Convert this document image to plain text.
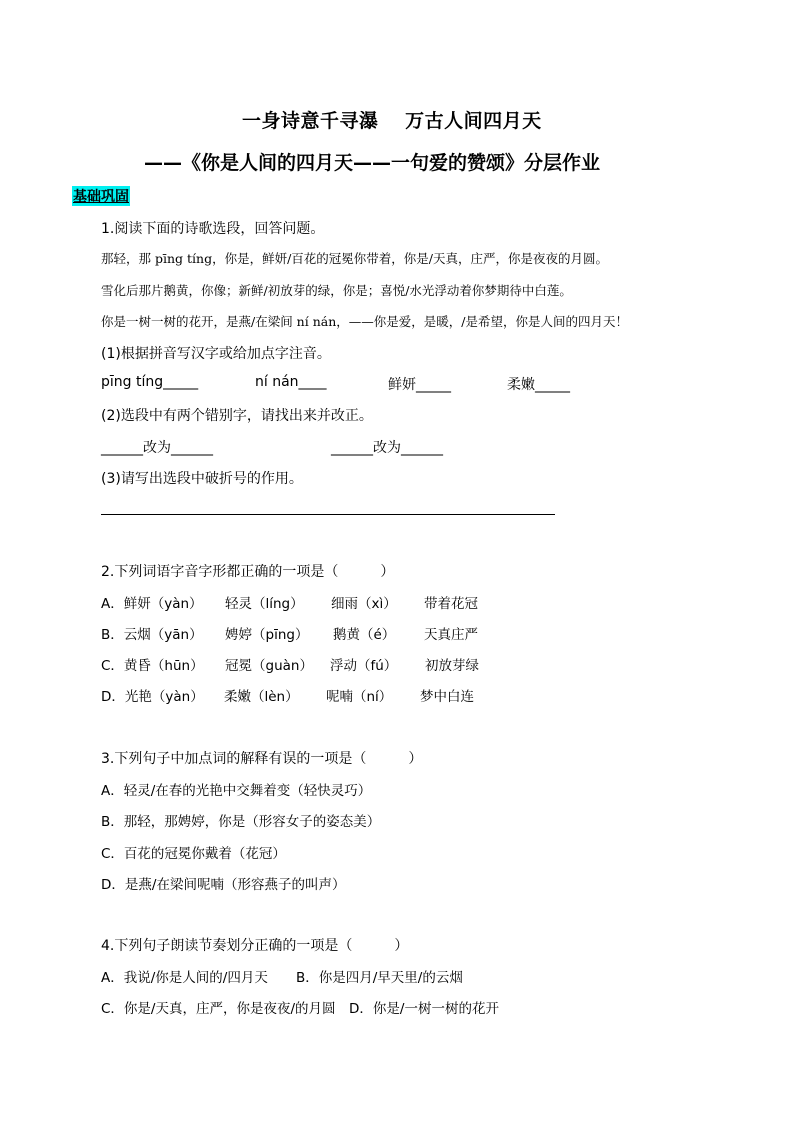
一身诗意千寻瀑　 万古人间四月天
——《你是人间的四月天——一句爱的赞颂》分层作业
基础巩固
1.阅读下面的诗歌选段，回答问题。
那轻，那 pīng tíng，你是，鲜妍/百花的冠冕你带着，你是/天真，庄严，你是夜夜的月圆。
雪化后那片鹅黄，你像；新鲜/初放芽的绿，你是；喜悦/水光浮动着你梦期待中白莲。
你是一树一树的花开，是燕/在梁间 ní nán，——你是爱，是暖，/是希望，你是人间的四月天！
(1)根据拼音写汉字或给加点字注音。
pīng tíng_____	ní nán____	鲜妍_____	柔嫩_____
(2)选段中有两个错别字，请找出来并改正。
______改为______	______改为______
(3)请写出选段中破折号的作用。
2.下列词语字音字形都正确的一项是（　　　）
A．鲜妍（yàn） 轻灵（líng） 细雨（xì） 带着花冠
B．云烟（yān） 娉婷（pīng） 鹅黄（é） 天真庄严
C．黄昏（hūn） 冠冕（guàn） 浮动（fú） 初放芽绿
D．光艳（yàn） 柔嫩（lèn） 呢喃（ní） 梦中白连
3.下列句子中加点词的解释有误的一项是（　　　）
A．轻灵/在春的光艳中交舞着变（轻快灵巧）
B．那轻，那娉婷，你是（形容女子的姿态美）
C．百花的冠冕你戴着（花冠）
D．是燕/在梁间呢喃（形容燕子的叫声）
4.下列句子朗读节奏划分正确的一项是（　　　）
A．我说/你是人间的/四月天 B．你是四月/早天里/的云烟
C．你是/天真，庄严，你是夜夜/的月圆 D．你是/一树一树的花开
